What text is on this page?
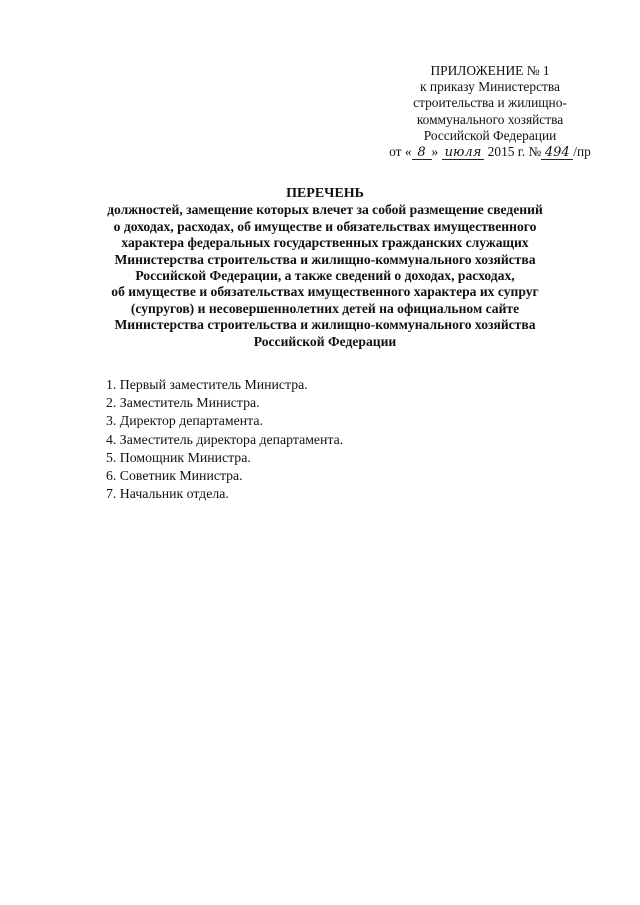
ПРИЛОЖЕНИЕ № 1
к приказу Министерства
строительства и жилищно-
коммунального хозяйства
Российской Федерации
от « 8 » июля 2015 г. № 494 /пр
ПЕРЕЧЕНЬ
должностей, замещение которых влечет за собой размещение сведений
о доходах, расходах, об имуществе и обязательствах имущественного
характера федеральных государственных гражданских служащих
Министерства строительства и жилищно-коммунального хозяйства
Российской Федерации, а также сведений о доходах, расходах,
об имуществе и обязательствах имущественного характера их супруг
(супругов) и несовершеннолетних детей на официальном сайте
Министерства строительства и жилищно-коммунального хозяйства
Российской Федерации
1. Первый заместитель Министра.
2. Заместитель Министра.
3. Директор департамента.
4. Заместитель директора департамента.
5. Помощник Министра.
6. Советник Министра.
7. Начальник отдела.
